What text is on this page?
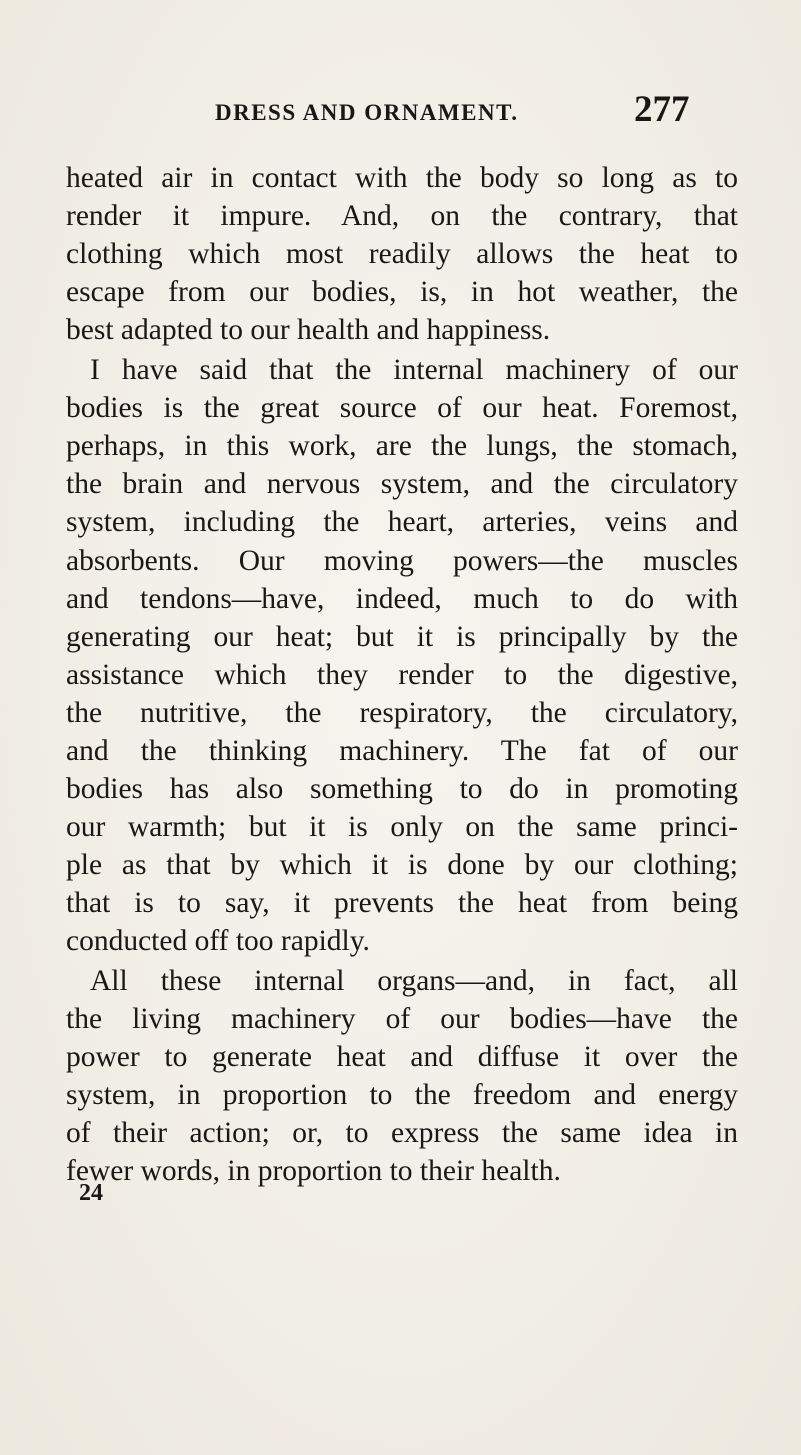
DRESS AND ORNAMENT.	277
heated air in contact with the body so long as to
render it impure. And, on the contrary, that
clothing which most readily allows the heat to
escape from our bodies, is, in hot weather, the
best adapted to our health and happiness.
I have said that the internal machinery of our
bodies is the great source of our heat. Foremost,
perhaps, in this work, are the lungs, the stomach,
the brain and nervous system, and the circulatory
system, including the heart, arteries, veins and
absorbents. Our moving powers—the muscles
and tendons—have, indeed, much to do with
generating our heat; but it is principally by the
assistance which they render to the digestive,
the nutritive, the respiratory, the circulatory,
and the thinking machinery. The fat of our
bodies has also something to do in promoting
our warmth; but it is only on the same princi-
ple as that by which it is done by our clothing;
that is to say, it prevents the heat from being
conducted off too rapidly.
All these internal organs—and, in fact, all
the living machinery of our bodies—have the
power to generate heat and diffuse it over the
system, in proportion to the freedom and energy
of their action; or, to express the same idea in
fewer words, in proportion to their health.
24
